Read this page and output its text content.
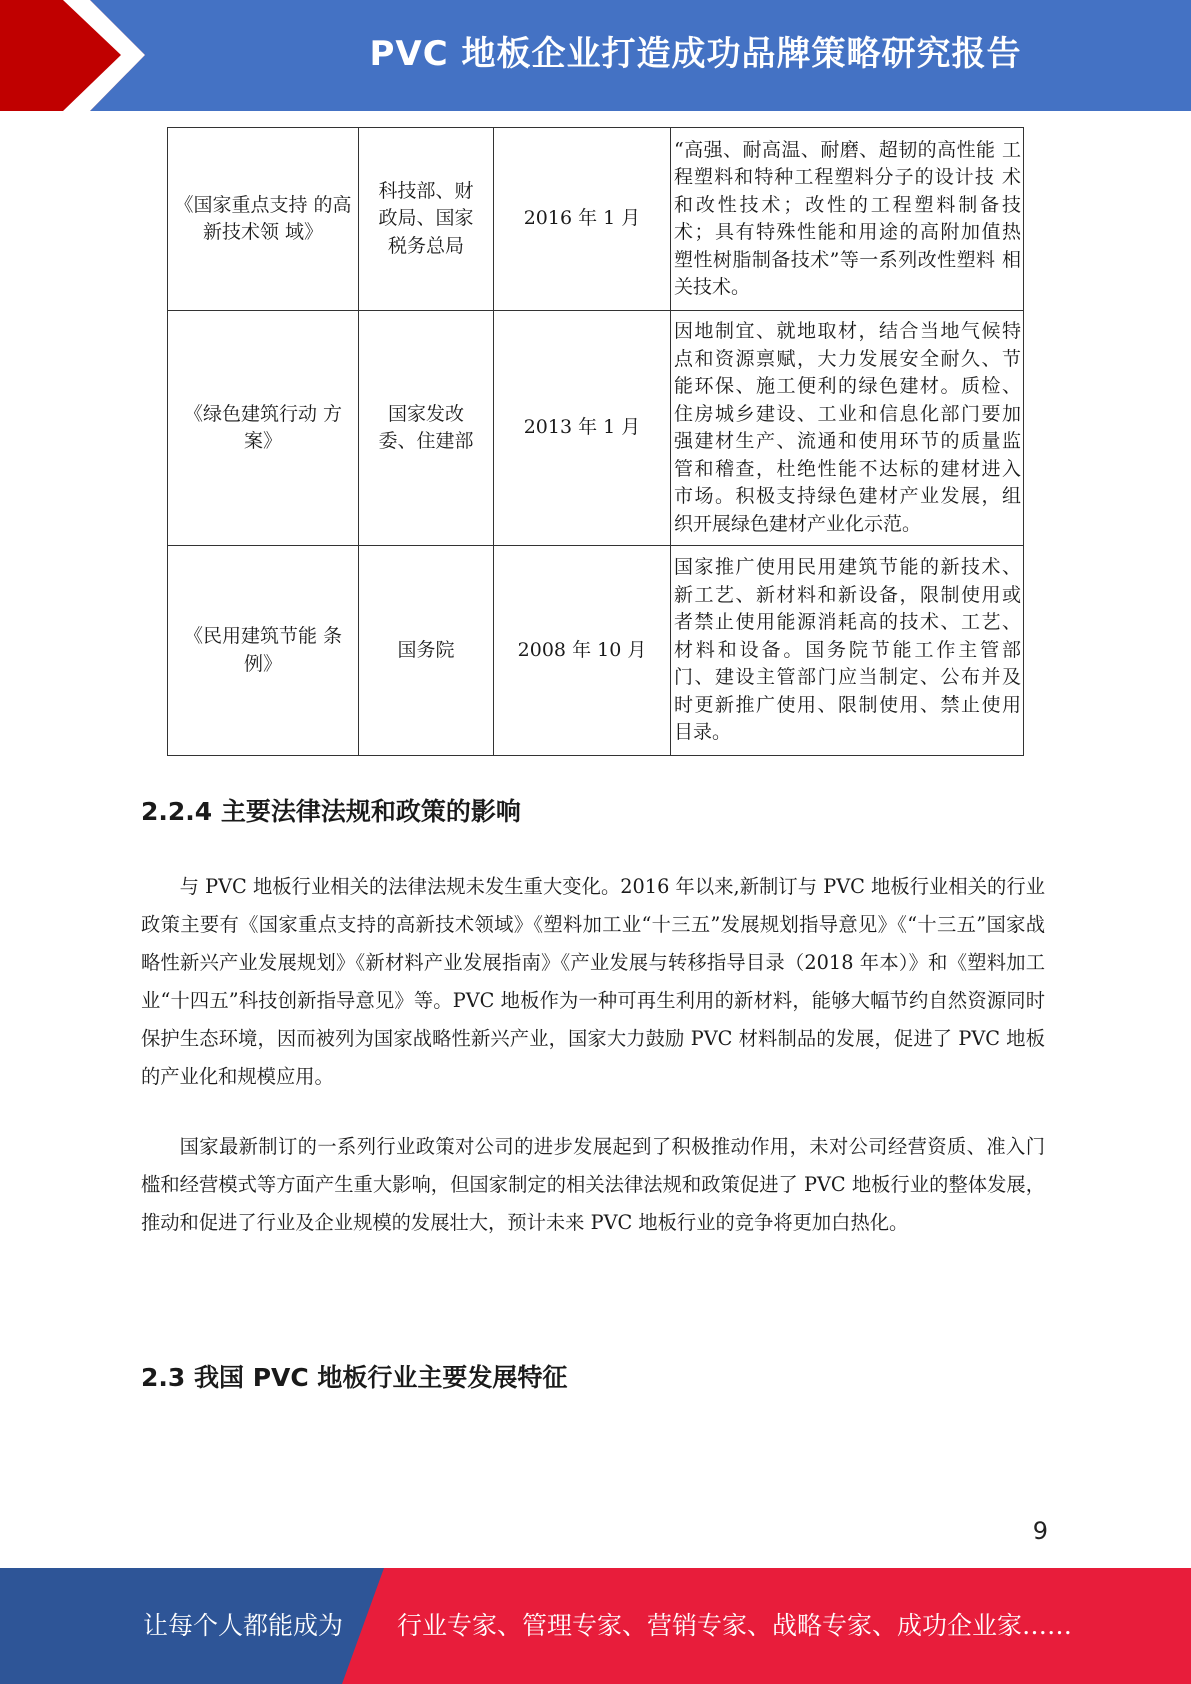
PVC 地板企业打造成功品牌策略研究报告
《国家重点支持 的高新技术领 域》	科技部、财政局、国家税务总局	2016 年 1 月	“高强、耐高温、耐磨、超韧的高性能 工程塑料和特种工程塑料分子的设计技 术和改性技术；改性的工程塑料制备技 术；具有特殊性能和用途的高附加值热 塑性树脂制备技术”等一系列改性塑料 相关技术。
《绿色建筑行动 方案》	国家发改委、住建部	2013 年 1 月	因地制宜、就地取材，结合当地气候特 点和资源禀赋，大力发展安全耐久、节 能环保、施工便利的绿色建材。质检、 住房城乡建设、工业和信息化部门要加 强建材生产、流通和使用环节的质量监 管和稽查，杜绝性能不达标的建材进入 市场。积极支持绿色建材产业发展，组 织开展绿色建材产业化示范。
《民用建筑节能 条例》	国务院	2008 年 10 月	国家推广使用民用建筑节能的新技术、 新工艺、新材料和新设备，限制使用或 者禁止使用能源消耗高的技术、工艺、 材料和设备。国务院节能工作主管部 门、建设主管部门应当制定、公布并及 时更新推广使用、限制使用、禁止使用 目录。
2.2.4 主要法律法规和政策的影响

与 PVC 地板行业相关的法律法规未发生重大变化。2016 年以来,新制订与 PVC 地板行业相关的行业政策主要有《国家重点支持的高新技术领域》《塑料加工业“十三五”发展规划指导意见》《“十三五”国家战略性新兴产业发展规划》《新材料产业发展指南》《产业发展与转移指导目录（2018 年本）》和《塑料加工业“十四五”科技创新指导意见》等。PVC 地板作为一种可再生利用的新材料，能够大幅节约自然资源同时保护生态环境，因而被列为国家战略性新兴产业，国家大力鼓励 PVC 材料制品的发展，促进了 PVC 地板的产业化和规模应用。

国家最新制订的一系列行业政策对公司的进步发展起到了积极推动作用，未对公司经营资质、准入门槛和经营模式等方面产生重大影响，但国家制定的相关法律法规和政策促进了 PVC 地板行业的整体发展，推动和促进了行业及企业规模的发展壮大，预计未来 PVC 地板行业的竞争将更加白热化。

2.3 我国 PVC 地板行业主要发展特征
9
让每个人都能成为 行业专家、管理专家、营销专家、战略专家、成功企业家……
